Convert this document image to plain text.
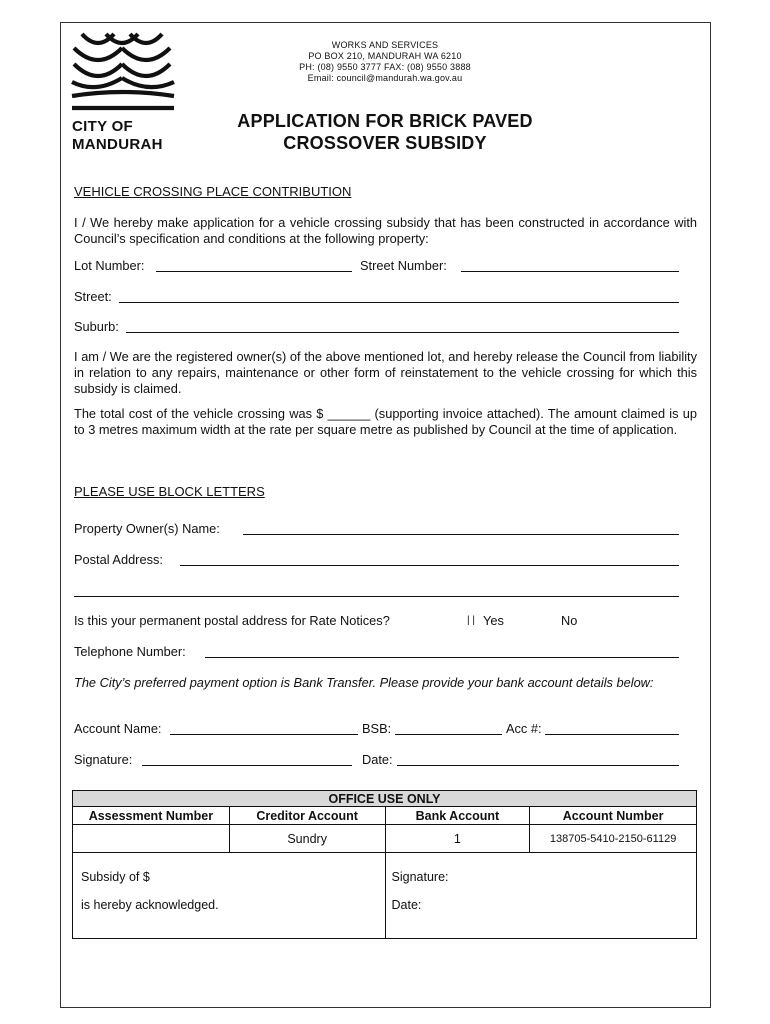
CITY OF
MANDURAH
WORKS AND SERVICES
PO BOX 210, MANDURAH WA 6210
PH: (08) 9550 3777 FAX: (08) 9550 3888
Email: council@mandurah.wa.gov.au
APPLICATION FOR BRICK PAVED
CROSSOVER SUBSIDY
VEHICLE CROSSING PLACE CONTRIBUTION
I / We hereby make application for a vehicle crossing subsidy that has been constructed in accordance with Council’s specification and conditions at the following property:
Lot Number:	Street Number:
Street:
Suburb:
I am / We are the registered owner(s) of the above mentioned lot, and hereby release the Council from liability in relation to any repairs, maintenance or other form of reinstatement to the vehicle crossing for which this subsidy is claimed.
The total cost of the vehicle crossing was $ ______ (supporting invoice attached). The amount claimed is up to 3 metres maximum width at the rate per square metre as published by Council at the time of application.
PLEASE USE BLOCK LETTERS
Property Owner(s) Name:
Postal Address:
Is this your permanent postal address for Rate Notices?	| | Yes	No
Telephone Number:
The City’s preferred payment option is Bank Transfer. Please provide your bank account details below:
Account Name:	BSB:	Acc #:
Signature:	Date:
OFFICE USE ONLY			
Assessment Number	Creditor Account	Bank Account	Account Number
	Sundry	1	138705-5410-2150-61129

Subsidy of $
is hereby acknowledged.		Signature:
Date:	
